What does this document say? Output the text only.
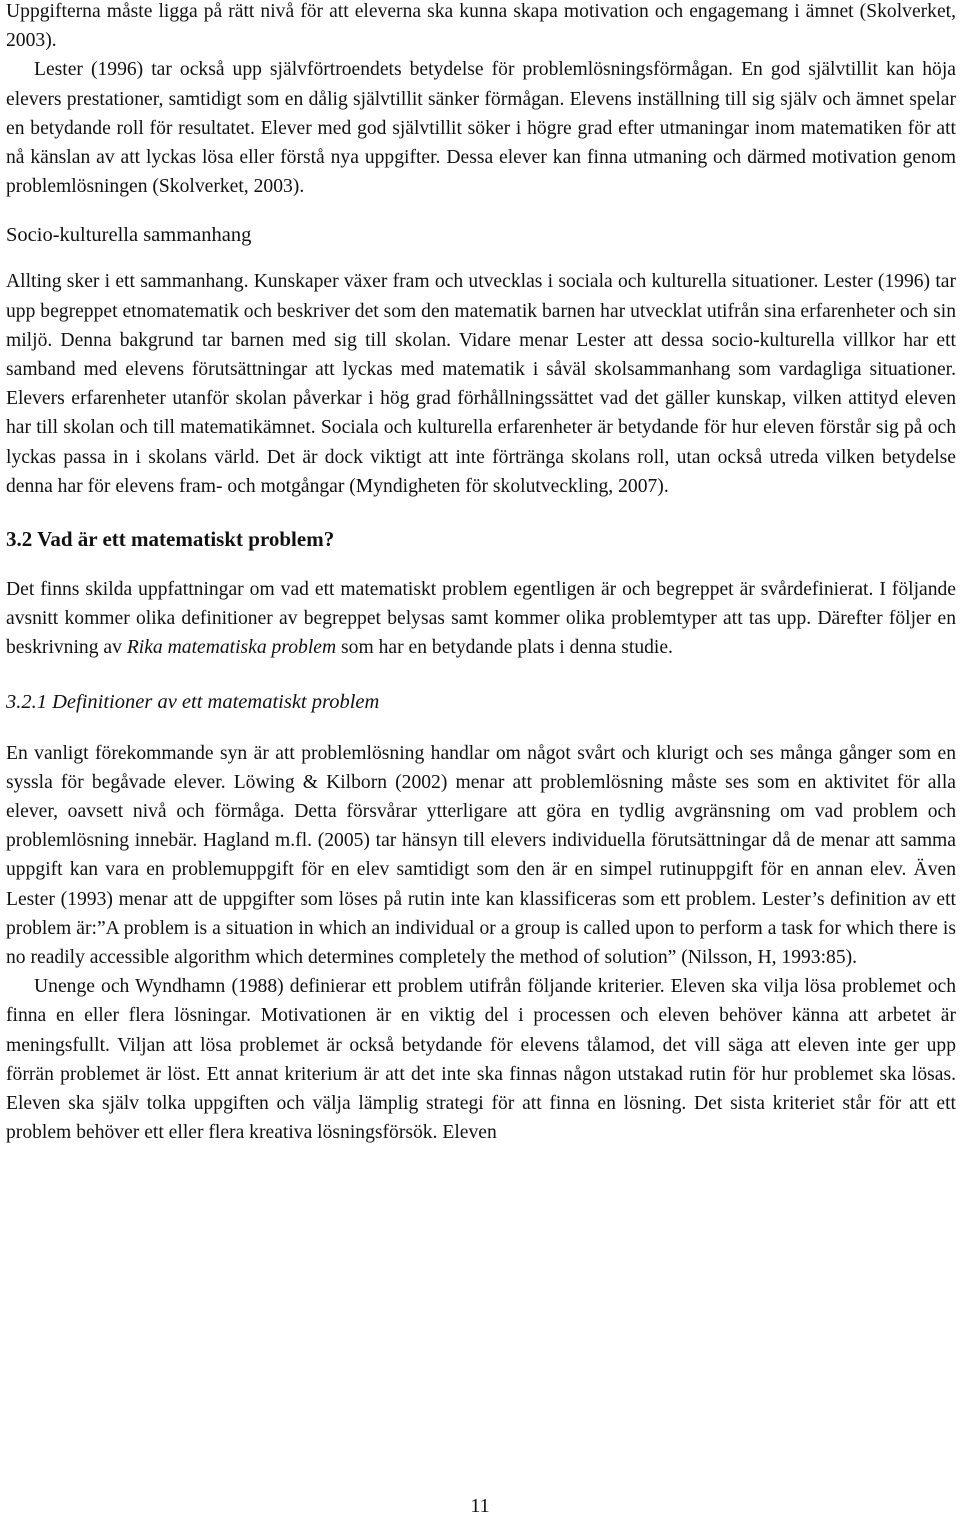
Uppgifterna måste ligga på rätt nivå för att eleverna ska kunna skapa motivation och engagemang i ämnet (Skolverket, 2003).

Lester (1996) tar också upp självförtroendets betydelse för problemlösningsförmågan. En god självtillit kan höja elevers prestationer, samtidigt som en dålig självtillit sänker förmågan. Elevens inställning till sig själv och ämnet spelar en betydande roll för resultatet. Elever med god självtillit söker i högre grad efter utmaningar inom matematiken för att nå känslan av att lyckas lösa eller förstå nya uppgifter. Dessa elever kan finna utmaning och därmed motivation genom problemlösningen (Skolverket, 2003).

Socio-kulturella sammanhang

Allting sker i ett sammanhang. Kunskaper växer fram och utvecklas i sociala och kulturella situationer. Lester (1996) tar upp begreppet etnomatematik och beskriver det som den matematik barnen har utvecklat utifrån sina erfarenheter och sin miljö. Denna bakgrund tar barnen med sig till skolan. Vidare menar Lester att dessa socio-kulturella villkor har ett samband med elevens förutsättningar att lyckas med matematik i såväl skolsammanhang som vardagliga situationer. Elevers erfarenheter utanför skolan påverkar i hög grad förhållningssättet vad det gäller kunskap, vilken attityd eleven har till skolan och till matematikämnet. Sociala och kulturella erfarenheter är betydande för hur eleven förstår sig på och lyckas passa in i skolans värld. Det är dock viktigt att inte förtränga skolans roll, utan också utreda vilken betydelse denna har för elevens fram- och motgångar (Myndigheten för skolutveckling, 2007).

3.2 Vad är ett matematiskt problem?

Det finns skilda uppfattningar om vad ett matematiskt problem egentligen är och begreppet är svårdefinierat. I följande avsnitt kommer olika definitioner av begreppet belysas samt kommer olika problemtyper att tas upp. Därefter följer en beskrivning av Rika matematiska problem som har en betydande plats i denna studie.

3.2.1 Definitioner av ett matematiskt problem

En vanligt förekommande syn är att problemlösning handlar om något svårt och klurigt och ses många gånger som en syssla för begåvade elever. Löwing & Kilborn (2002) menar att problemlösning måste ses som en aktivitet för alla elever, oavsett nivå och förmåga. Detta försvårar ytterligare att göra en tydlig avgränsning om vad problem och problemlösning innebär. Hagland m.fl. (2005) tar hänsyn till elevers individuella förutsättningar då de menar att samma uppgift kan vara en problemuppgift för en elev samtidigt som den är en simpel rutinuppgift för en annan elev. Även Lester (1993) menar att de uppgifter som löses på rutin inte kan klassificeras som ett problem. Lester’s definition av ett problem är:”A problem is a situation in which an individual or a group is called upon to perform a task for which there is no readily accessible algorithm which determines completely the method of solution” (Nilsson, H, 1993:85).

Unenge och Wyndhamn (1988) definierar ett problem utifrån följande kriterier. Eleven ska vilja lösa problemet och finna en eller flera lösningar. Motivationen är en viktig del i processen och eleven behöver känna att arbetet är meningsfullt. Viljan att lösa problemet är också betydande för elevens tålamod, det vill säga att eleven inte ger upp förrän problemet är löst. Ett annat kriterium är att det inte ska finnas någon utstakad rutin för hur problemet ska lösas. Eleven ska själv tolka uppgiften och välja lämplig strategi för att finna en lösning. Det sista kriteriet står för att ett problem behöver ett eller flera kreativa lösningsförsök. Eleven

11
